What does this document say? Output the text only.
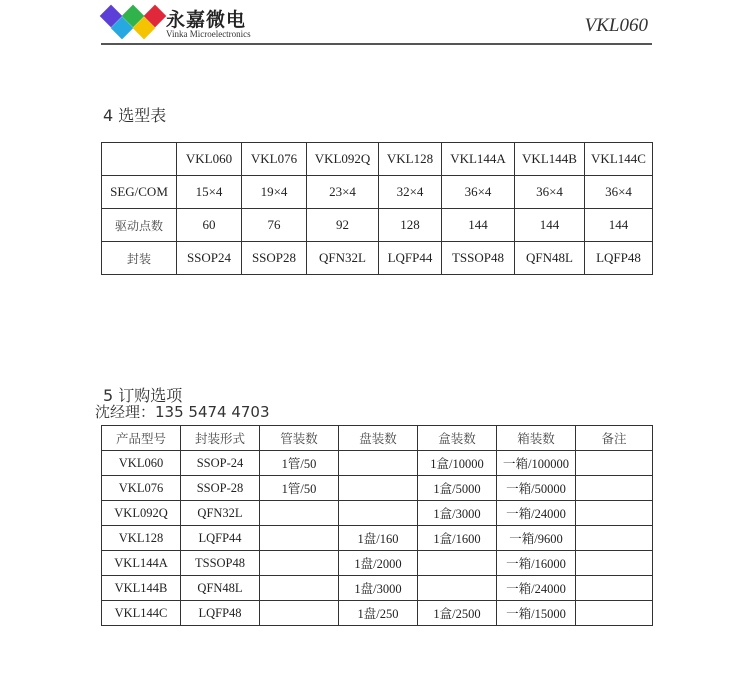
永嘉微电
Vinka Microelectronics	VKL060
4 选型表
	VKL060	VKL076	VKL092Q	VKL128	VKL144A	VKL144B	VKL144C
SEG/COM	15×4	19×4	23×4	32×4	36×4	36×4	36×4
驱动点数	60	76	92	128	144	144	144
封装	SSOP24	SSOP28	QFN32L	LQFP44	TSSOP48	QFN48L	LQFP48
5 订购选项
沈经理：135 5474 4703
产品型号	封装形式	管装数	盘装数	盒装数	箱装数	备注
VKL060	SSOP-24	1管/50		1盒/10000	一箱/100000	
VKL076	SSOP-28	1管/50		1盒/5000	一箱/50000	
VKL092Q	QFN32L			1盒/3000	一箱/24000	
VKL128	LQFP44		1盘/160	1盒/1600	一箱/9600	
VKL144A	TSSOP48		1盘/2000		一箱/16000	
VKL144B	QFN48L		1盘/3000		一箱/24000	
VKL144C	LQFP48		1盘/250	1盒/2500	一箱/15000	
